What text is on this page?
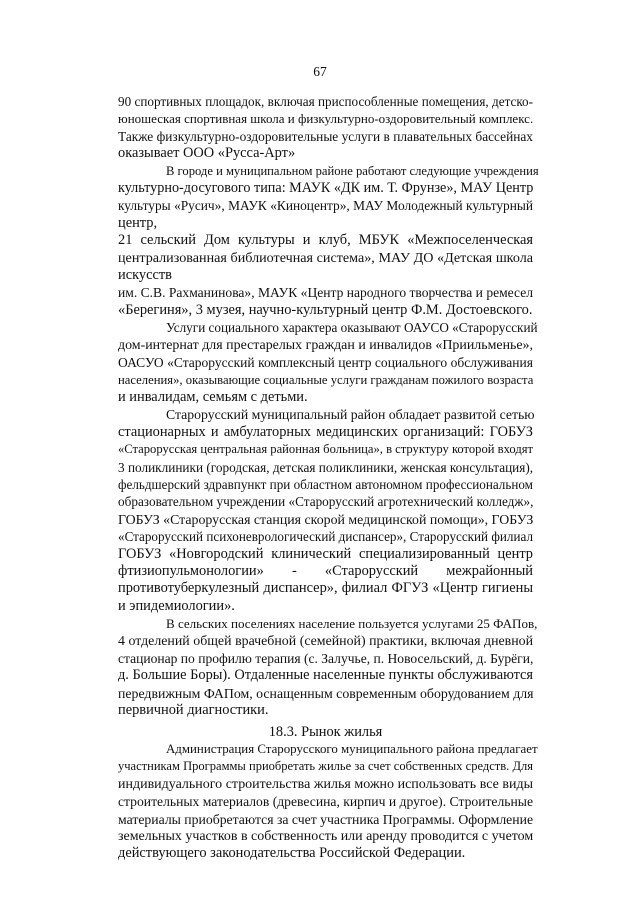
67
90 спортивных площадок, включая приспособленные помещения, детско-
юношеская спортивная школа и физкультурно-оздоровительный комплекс.
Также физкультурно-оздоровительные услуги в плавательных бассейнах
оказывает ООО «Русса-Арт»
В городе и муниципальном районе работают следующие учреждения
культурно-досугового типа: МАУК «ДК им. Т. Фрунзе», МАУ Центр
культуры «Русич», МАУК «Киноцентр», МАУ Молодежный культурный
центр,
21 сельский Дом культуры и клуб, МБУК «Межпоселенческая
централизованная библиотечная система», МАУ ДО «Детская школа
искусств
им. С.В. Рахманинова», МАУК «Центр народного творчества и ремесел
«Берегиня», 3 музея, научно-культурный центр Ф.М. Достоевского.
Услуги социального характера оказывают ОАУСО «Старорусский
дом-интернат для престарелых граждан и инвалидов «Приильменье»,
ОАСУО «Старорусский комплексный центр социального обслуживания
населения», оказывающие социальные услуги гражданам пожилого возраста
и инвалидам, семьям с детьми.
Старорусский муниципальный район обладает развитой сетью
стационарных и амбулаторных медицинских организаций: ГОБУЗ
«Старорусская центральная районная больница», в структуру которой входят
3 поликлиники (городская, детская поликлиники, женская консультация),
фельдшерский здравпункт при областном автономном профессиональном
образовательном учреждении «Старорусский агротехнический колледж»,
ГОБУЗ «Старорусская станция скорой медицинской помощи», ГОБУЗ
«Старорусский психоневрологический диспансер», Старорусский филиал
ГОБУЗ «Новгородский клинический специализированный центр
фтизиопульмонологии» - «Старорусский межрайонный
противотуберкулезный диспансер», филиал ФГУЗ «Центр гигиены
и эпидемиологии».
В сельских поселениях население пользуется услугами 25 ФАПов,
4 отделений общей врачебной (семейной) практики, включая дневной
стационар по профилю терапия (с. Залучье, п. Новосельский, д. Бурёги,
д. Большие Боры). Отдаленные населенные пункты обслуживаются
передвижным ФАПом, оснащенным современным оборудованием для
первичной диагностики.
18.3. Рынок жилья
Администрация Старорусского муниципального района предлагает
участникам Программы приобретать жилье за счет собственных средств. Для
индивидуального строительства жилья можно использовать все виды
строительных материалов (древесина, кирпич и другое). Строительные
материалы приобретаются за счет участника Программы. Оформление
земельных участков в собственность или аренду проводится с учетом
действующего законодательства Российской Федерации.
